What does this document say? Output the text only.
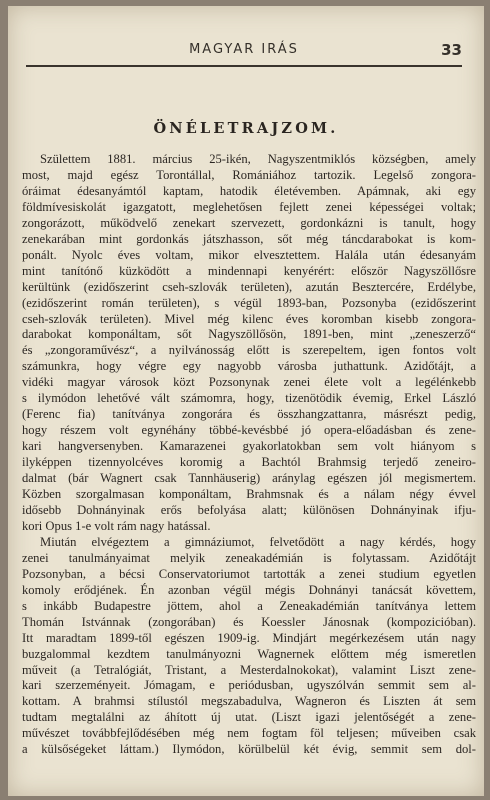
MAGYAR IRÁS	33
ÖNÉLETRAJZOM.
Születtem 1881. március 25-ikén, Nagyszentmiklós községben, amely
most, majd egész Torontállal, Romániához tartozik. Legelső zongora-
óráimat édesanyámtól kaptam, hatodik életévemben. Apámnak, aki egy
földmívesiskolát igazgatott, meglehetősen fejlett zenei képességei voltak;
zongorázott, működvelő zenekart szervezett, gordonkázni is tanult, hogy
zenekarában mint gordonkás játszhasson, sőt még táncdarabokat is kom-
ponált. Nyolc éves voltam, mikor elvesztettem. Halála után édesanyám
mint tanítónő küzködött a mindennapi kenyérért: először Nagyszöllősre
kerültünk (ezidőszerint cseh-szlovák területen), azután Besztercére, Erdélybe,
(ezidőszerint román területen), s végül 1893-ban, Pozsonyba (ezidőszerint
cseh-szlovák területen). Mivel még kilenc éves koromban kisebb zongora-
darabokat komponáltam, sőt Nagyszöllősön, 1891-ben, mint „zeneszerző“
és „zongoraművész“, a nyilvánosság előtt is szerepeltem, igen fontos volt
számunkra, hogy végre egy nagyobb városba juthattunk. Azidőtájt, a
vidéki magyar városok közt Pozsonynak zenei élete volt a legélénkebb
s ilymódon lehetővé vált számomra, hogy, tizenötödik évemig, Erkel László
(Ferenc fia) tanítványa zongorára és összhangzattanra, másrészt pedig,
hogy részem volt egynéhány többé-kevésbbé jó opera-előadásban és zene-
kari hangversenyben. Kamarazenei gyakorlatokban sem volt hiányom s
ilyképpen tizennyolcéves koromig a Bachtól Brahmsig terjedő zeneiro-
dalmat (bár Wagnert csak Tannhäuserig) aránylag egészen jól megismertem.
Közben szorgalmasan komponáltam, Brahmsnak és a nálam négy évvel
idősebb Dohnányinak erős befolyása alatt; különösen Dohnányinak ifju-
kori Opus 1-e volt rám nagy hatással.
Miután elvégeztem a gimnáziumot, felvetődött a nagy kérdés, hogy
zenei tanulmányaimat melyik zeneakadémián is folytassam. Azidőtájt
Pozsonyban, a bécsi Conservatoriumot tartották a zenei studium egyetlen
komoly erődjének. Én azonban végül mégis Dohnányi tanácsát követtem,
s inkább Budapestre jöttem, ahol a Zeneakadémián tanítványa lettem
Thomán Istvánnak (zongorában) és Koessler Jánosnak (kompozicióban).
Itt maradtam 1899-től egészen 1909-ig. Mindjárt megérkezésem után nagy
buzgalommal kezdtem tanulmányozni Wagnernek előttem még ismeretlen
műveit (a Tetralógiát, Tristant, a Mesterdalnokokat), valamint Liszt zene-
kari szerzeményeit. Jómagam, e periódusban, ugyszólván semmit sem al-
kottam. A brahmsi stílustól megszabadulva, Wagneron és Liszten át sem
tudtam megtalálni az áhított új utat. (Liszt igazi jelentőségét a zene-
művészet továbbfejlődésében még nem fogtam föl teljesen; műveiben csak
a külsőségeket láttam.) Ilymódon, körülbelül két évig, semmit sem dol-
